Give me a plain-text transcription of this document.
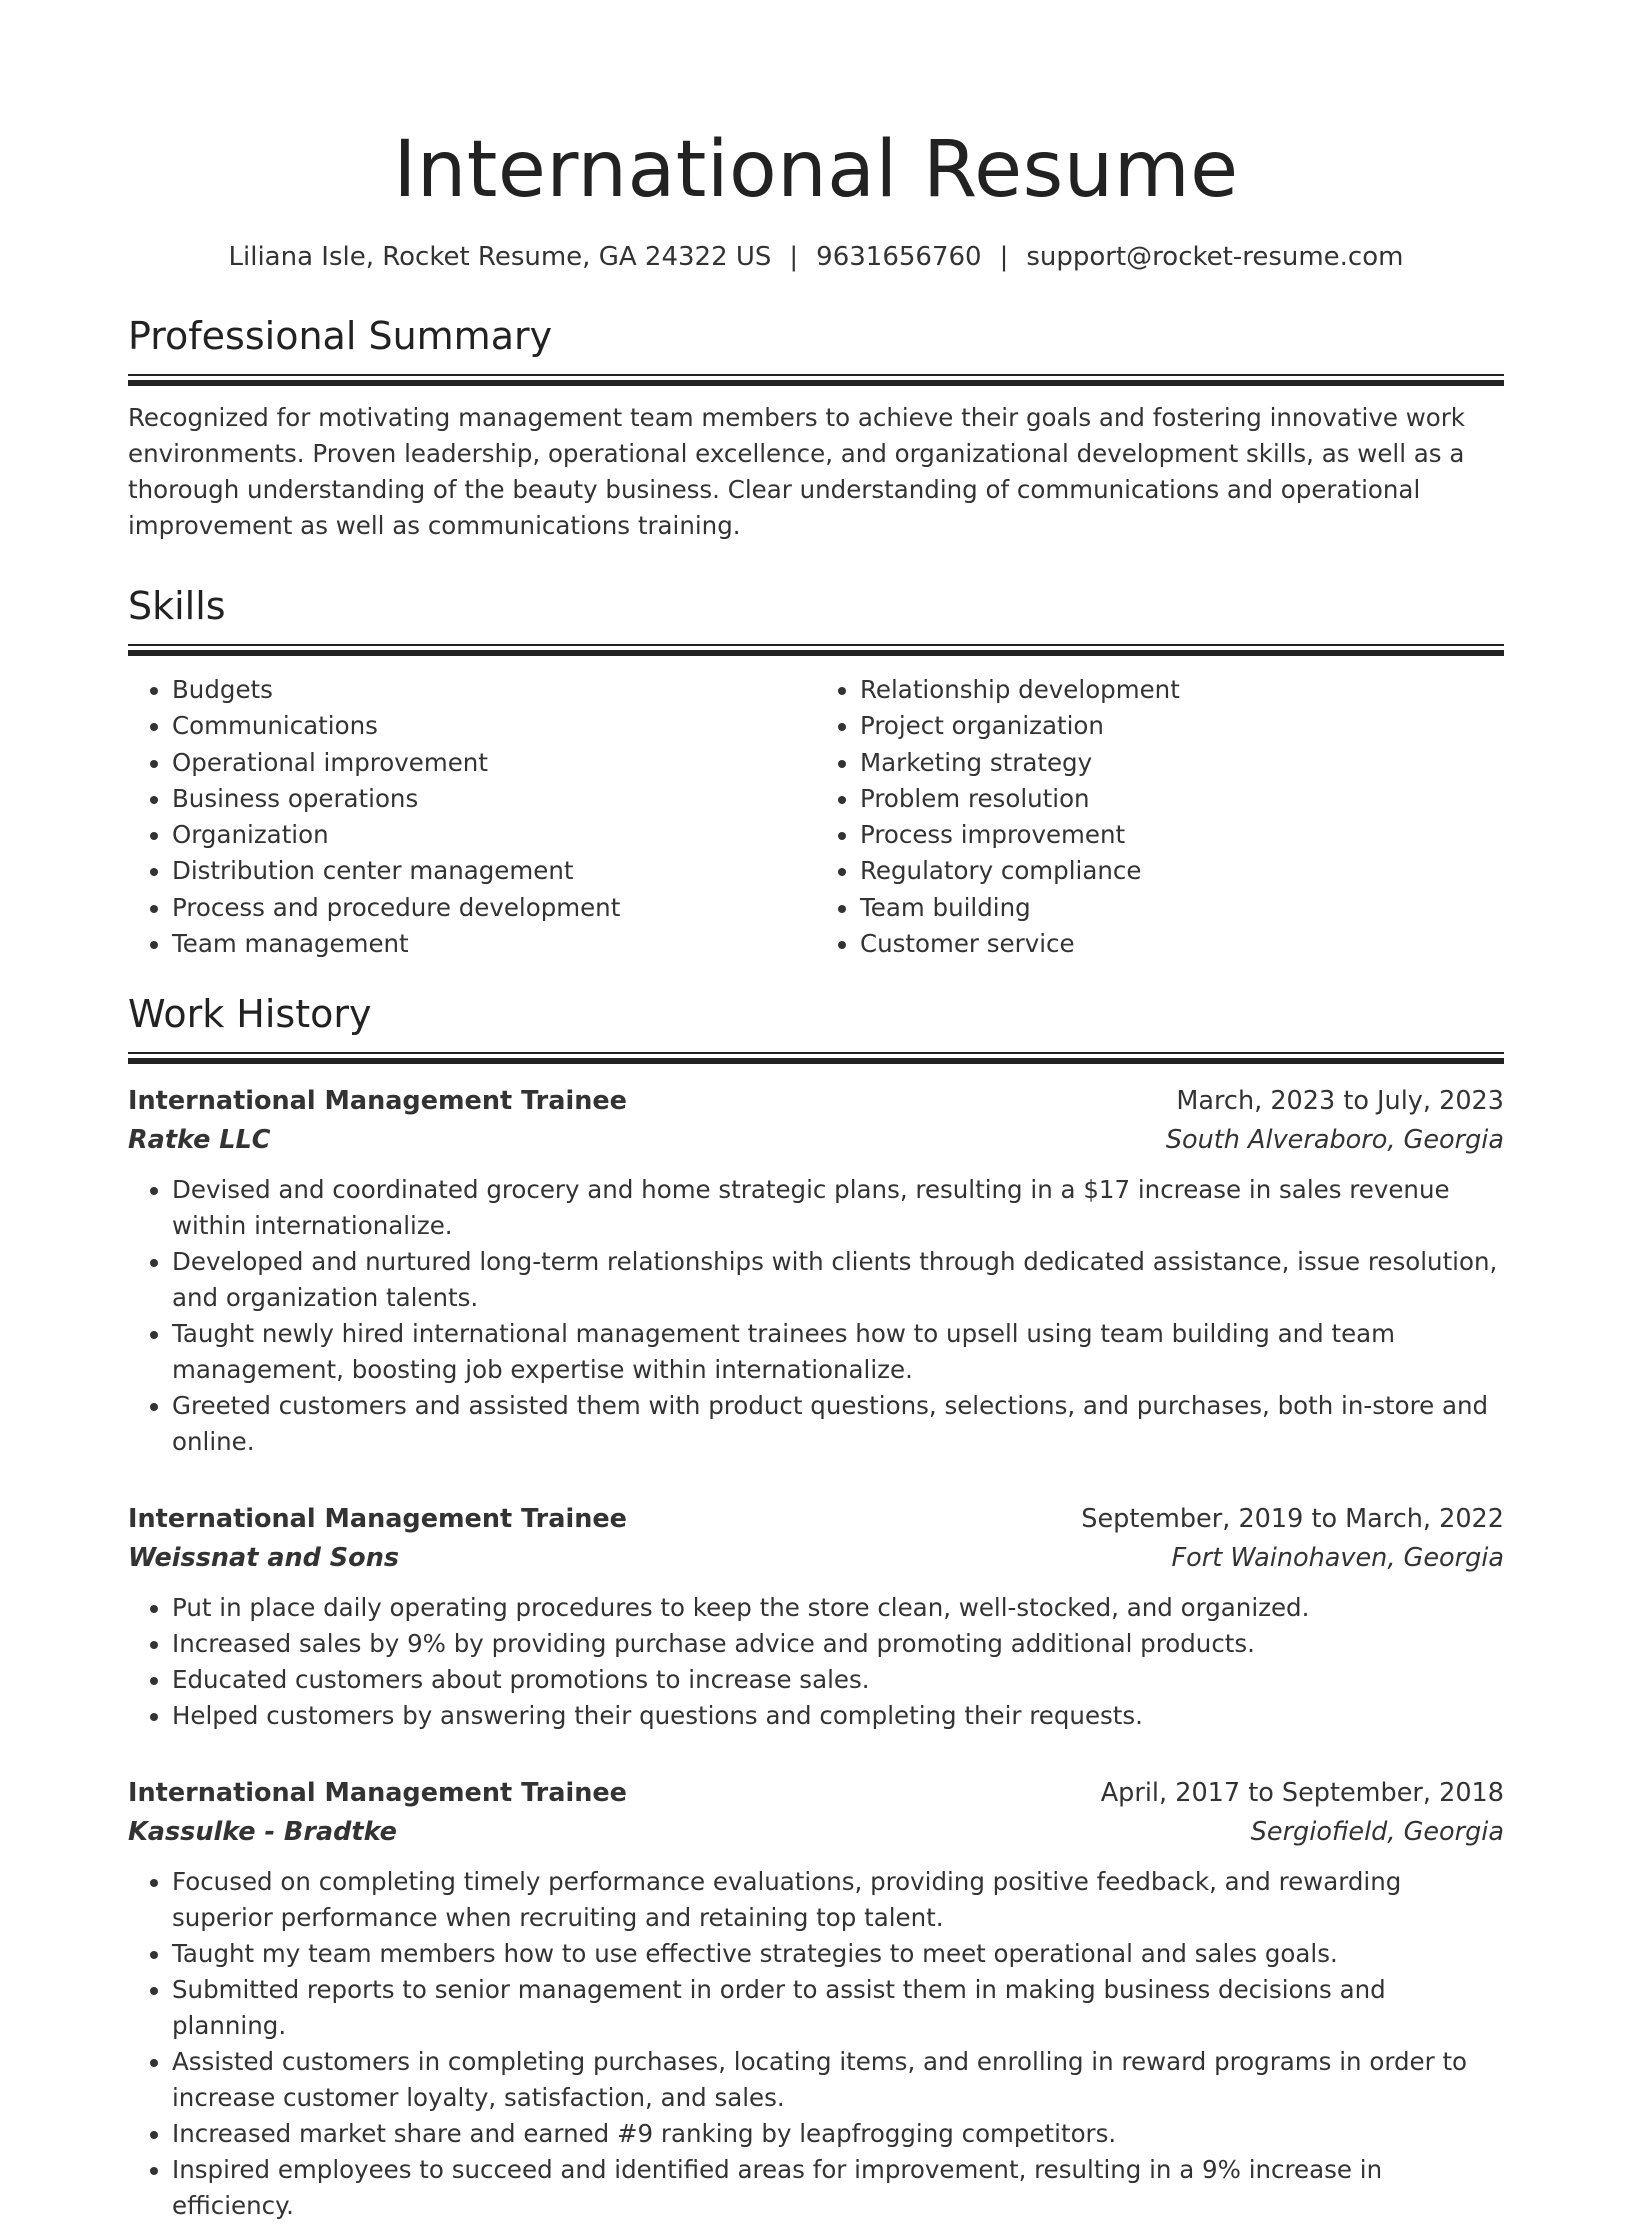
International Resume
Liliana Isle, Rocket Resume, GA 24322 US | 9631656760 | support@rocket-resume.com
Professional Summary

Recognized for motivating management team members to achieve their goals and fostering innovative work environments. Proven leadership, operational excellence, and organizational development skills, as well as a thorough understanding of the beauty business. Clear understanding of communications and operational improvement as well as communications training.

Skills
• Budgets
• Communications
• Operational improvement
• Business operations
• Organization
• Distribution center management
• Process and procedure development
• Team management
• Relationship development
• Project organization
• Marketing strategy
• Problem resolution
• Process improvement
• Regulatory compliance
• Team building
• Customer service
Work History
International Management Trainee	March, 2023 to July, 2023
Ratke LLC	South Alveraboro, Georgia
• Devised and coordinated grocery and home strategic plans, resulting in a $17 increase in sales revenue within internationalize.
• Developed and nurtured long-term relationships with clients through dedicated assistance, issue resolution, and organization talents.
• Taught newly hired international management trainees how to upsell using team building and team management, boosting job expertise within internationalize.
• Greeted customers and assisted them with product questions, selections, and purchases, both in-store and online.
International Management Trainee	September, 2019 to March, 2022
Weissnat and Sons	Fort Wainohaven, Georgia
• Put in place daily operating procedures to keep the store clean, well-stocked, and organized.
• Increased sales by 9% by providing purchase advice and promoting additional products.
• Educated customers about promotions to increase sales.
• Helped customers by answering their questions and completing their requests.
International Management Trainee	April, 2017 to September, 2018
Kassulke - Bradtke	Sergiofield, Georgia
• Focused on completing timely performance evaluations, providing positive feedback, and rewarding superior performance when recruiting and retaining top talent.
• Taught my team members how to use effective strategies to meet operational and sales goals.
• Submitted reports to senior management in order to assist them in making business decisions and planning.
• Assisted customers in completing purchases, locating items, and enrolling in reward programs in order to increase customer loyalty, satisfaction, and sales.
• Increased market share and earned #9 ranking by leapfrogging competitors.
• Inspired employees to succeed and identified areas for improvement, resulting in a 9% increase in efficiency.
